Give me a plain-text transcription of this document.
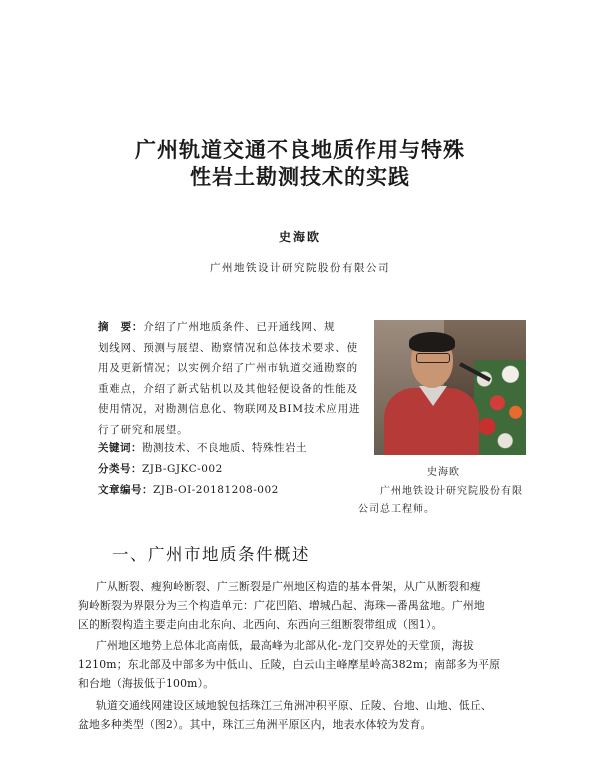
广州轨道交通不良地质作用与特殊
性岩土勘测技术的实践
史海欧
广州地铁设计研究院股份有限公司
摘　要：介绍了广州地质条件、已开通线网、规
划线网、预测与展望、勘察情况和总体技术要求、使
用及更新情况；以实例介绍了广州市轨道交通勘察的
重难点，介绍了新式钻机以及其他轻便设备的性能及
使用情况，对勘测信息化、物联网及BIM技术应用进
行了研究和展望。
关键词：勘测技术、不良地质、特殊性岩土
分类号：ZJB-GJKC-002
文章编号：ZJB-OI-20181208-002
史海欧
广州地铁设计研究院股份有限
公司总工程师。
一、广州市地质条件概述
广从断裂、瘦狗岭断裂、广三断裂是广州地区构造的基本骨架，从广从断裂和瘦
狗岭断裂为界限分为三个构造单元：广花凹陷、增城凸起、海珠—番禺盆地。广州地
区的断裂构造主要走向由北东向、北西向、东西向三组断裂带组成（图1）。
广州地区地势上总体北高南低，最高峰为北部从化-龙门交界处的天堂顶，海拔
1210m；东北部及中部多为中低山、丘陵，白云山主峰摩星岭高382m；南部多为平原
和台地（海拔低于100m）。
轨道交通线网建设区域地貌包括珠江三角洲冲积平原、丘陵、台地、山地、低丘、
盆地多种类型（图2）。其中，珠江三角洲平原区内，地表水体较为发育。
